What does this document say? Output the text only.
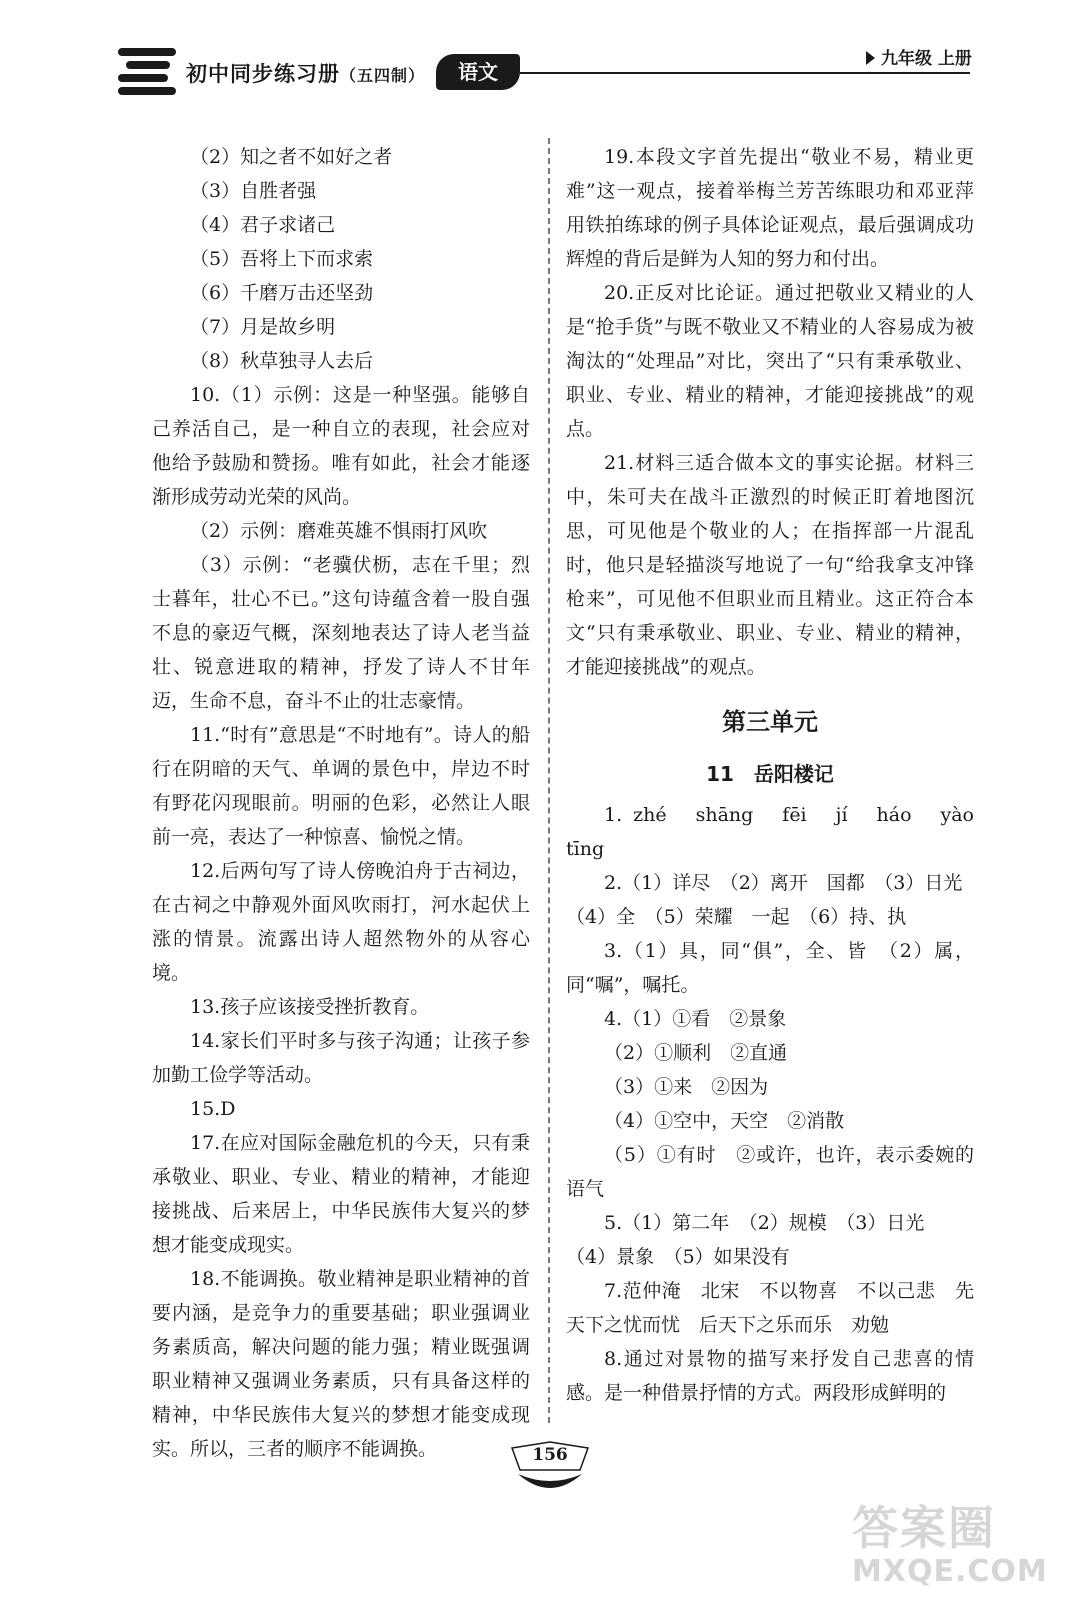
初中同步练习册（五四制）	语文
九年级 上册

（2）知之者不如好之者

（3）自胜者强

（4）君子求诸己

（5）吾将上下而求索

（6）千磨万击还坚劲

（7）月是故乡明

（8）秋草独寻人去后

10.（1）示例：这是一种坚强。能够自己养活自己，是一种自立的表现，社会应对他给予鼓励和赞扬。唯有如此，社会才能逐渐形成劳动光荣的风尚。

（2）示例：磨难英雄不惧雨打风吹

（3）示例：“老骥伏枥，志在千里；烈士暮年，壮心不已。”这句诗蕴含着一股自强不息的豪迈气概，深刻地表达了诗人老当益壮、锐意进取的精神，抒发了诗人不甘年迈，生命不息，奋斗不止的壮志豪情。

11.“时有”意思是“不时地有”。诗人的船行在阴暗的天气、单调的景色中，岸边不时有野花闪现眼前。明丽的色彩，必然让人眼前一亮，表达了一种惊喜、愉悦之情。

12.后两句写了诗人傍晚泊舟于古祠边，在古祠之中静观外面风吹雨打，河水起伏上涨的情景。流露出诗人超然物外的从容心境。

13.孩子应该接受挫折教育。

14.家长们平时多与孩子沟通；让孩子参加勤工俭学等活动。

15.D

17.在应对国际金融危机的今天，只有秉承敬业、职业、专业、精业的精神，才能迎接挑战、后来居上，中华民族伟大复兴的梦想才能变成现实。

18.不能调换。敬业精神是职业精神的首要内涵，是竞争力的重要基础；职业强调业务素质高，解决问题的能力强；精业既强调职业精神又强调业务素质，只有具备这样的精神，中华民族伟大复兴的梦想才能变成现实。所以，三者的顺序不能调换。

19.本段文字首先提出“敬业不易，精业更难”这一观点，接着举梅兰芳苦练眼功和邓亚萍用铁拍练球的例子具体论证观点，最后强调成功辉煌的背后是鲜为人知的努力和付出。

20.正反对比论证。通过把敬业又精业的人是“抢手货”与既不敬业又不精业的人容易成为被淘汰的“处理品”对比，突出了“只有秉承敬业、职业、专业、精业的精神，才能迎接挑战”的观点。

21.材料三适合做本文的事实论据。材料三中，朱可夫在战斗正激烈的时候正盯着地图沉思，可见他是个敬业的人；在指挥部一片混乱时，他只是轻描淡写地说了一句“给我拿支冲锋枪来”，可见他不但职业而且精业。这正符合本文“只有秉承敬业、职业、专业、精业的精神，才能迎接挑战”的观点。

第三单元
11　岳阳楼记

1. zhé　shāng　fēi　jí　háo　yào　tīng

2.（1）详尽　（2）离开　国都　（3）日光

（4）全　（5）荣耀　一起　（6）持、执

3.（1）具，同“俱”，全、皆　（2）属，同“嘱”，嘱托。

4.（1）①看　②景象

（2）①顺利　②直通

（3）①来　②因为

（4）①空中，天空　②消散

（5）①有时　②或许，也许，表示委婉的语气

5.（1）第二年　（2）规模　（3）日光

（4）景象　（5）如果没有

7.范仲淹　北宋　不以物喜　不以己悲　先天下之忧而忧　后天下之乐而乐　劝勉

8.通过对景物的描写来抒发自己悲喜的情感。是一种借景抒情的方式。两段形成鲜明的

156
答案圈
MXQE.COM
